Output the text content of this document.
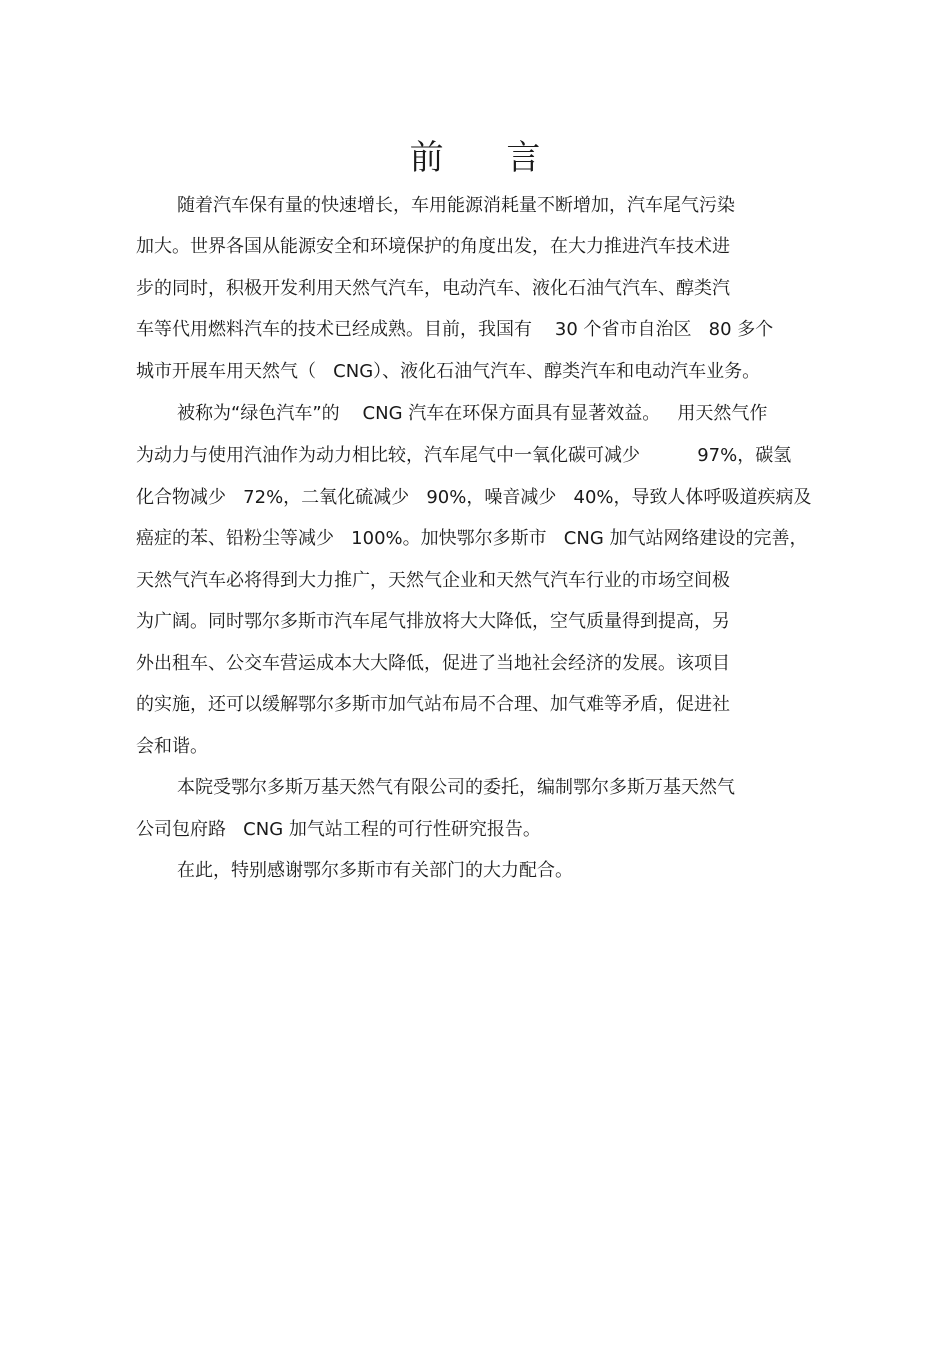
前 言
随着汽车保有量的快速增长，车用能源消耗量不断增加，汽车尾气污染
加大。世界各国从能源安全和环境保护的角度出发，在大力推进汽车技术进
步的同时，积极开发利用天然气汽车，电动汽车、液化石油气汽车、醇类汽
车等代用燃料汽车的技术已经成熟。目前，我国有    30 个省市自治区   80 多个
城市开展车用天然气（   CNG）、液化石油气汽车、醇类汽车和电动汽车业务。
被称为“绿色汽车”的    CNG 汽车在环保方面具有显著效益。   用天然气作
为动力与使用汽油作为动力相比较，汽车尾气中一氧化碳可减少          97%，碳氢
化合物减少   72%，二氧化硫减少   90%，噪音减少   40%，导致人体呼吸道疾病及
癌症的苯、铅粉尘等减少   100%。加快鄂尔多斯市   CNG 加气站网络建设的完善，
天然气汽车必将得到大力推广，天然气企业和天然气汽车行业的市场空间极
为广阔。同时鄂尔多斯市汽车尾气排放将大大降低，空气质量得到提高，另
外出租车、公交车营运成本大大降低，促进了当地社会经济的发展。该项目
的实施，还可以缓解鄂尔多斯市加气站布局不合理、加气难等矛盾，促进社
会和谐。
本院受鄂尔多斯万基天然气有限公司的委托，编制鄂尔多斯万基天然气
公司包府路   CNG 加气站工程的可行性研究报告。
在此，特别感谢鄂尔多斯市有关部门的大力配合。
